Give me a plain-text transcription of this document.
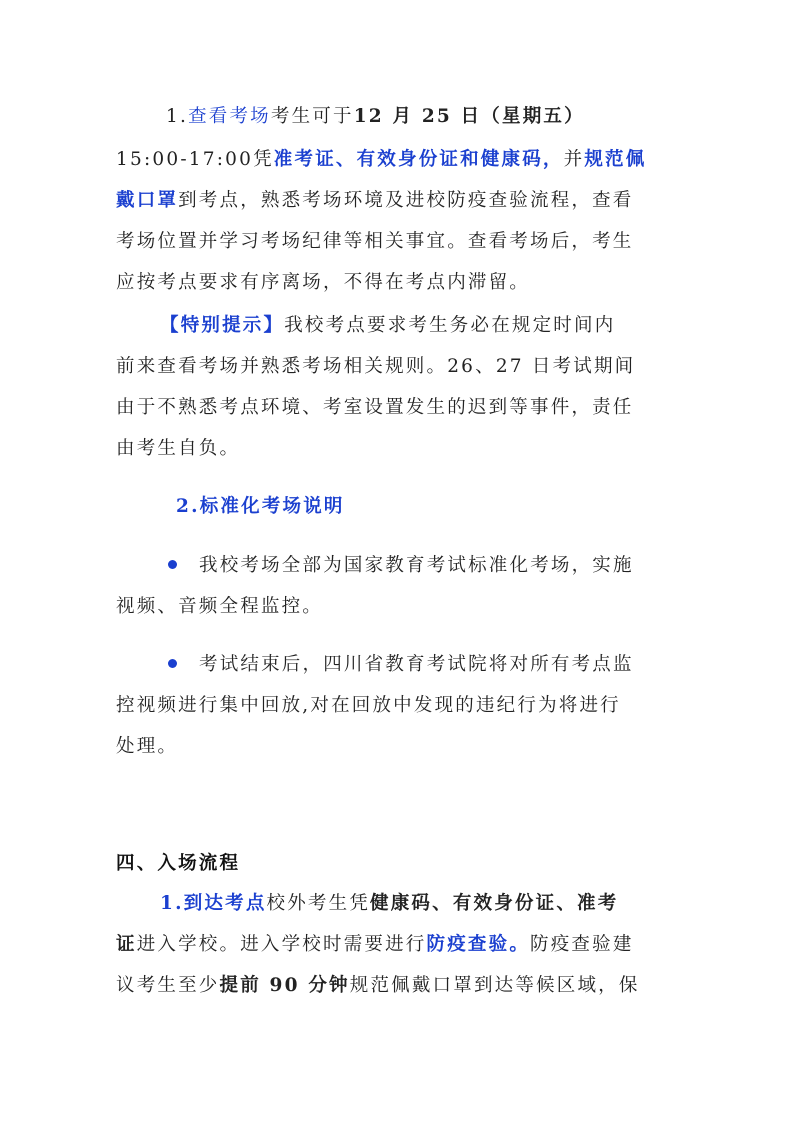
1.查看考场考生可于12 月 25 日（星期五）
15:00-17:00凭准考证、有效身份证和健康码，并规范佩
戴口罩到考点，熟悉考场环境及进校防疫查验流程，查看
考场位置并学习考场纪律等相关事宜。查看考场后，考生
应按考点要求有序离场，不得在考点内滞留。
【特别提示】我校考点要求考生务必在规定时间内
前来查看考场并熟悉考场相关规则。26、27 日考试期间
由于不熟悉考点环境、考室设置发生的迟到等事件，责任
由考生自负。
2.标准化考场说明
我校考场全部为国家教育考试标准化考场，实施
视频、音频全程监控。
考试结束后，四川省教育考试院将对所有考点监
控视频进行集中回放,对在回放中发现的违纪行为将进行
处理。
四、入场流程
1.到达考点校外考生凭健康码、有效身份证、准考
证进入学校。进入学校时需要进行防疫查验。防疫查验建
议考生至少提前 90 分钟规范佩戴口罩到达等候区域，保
